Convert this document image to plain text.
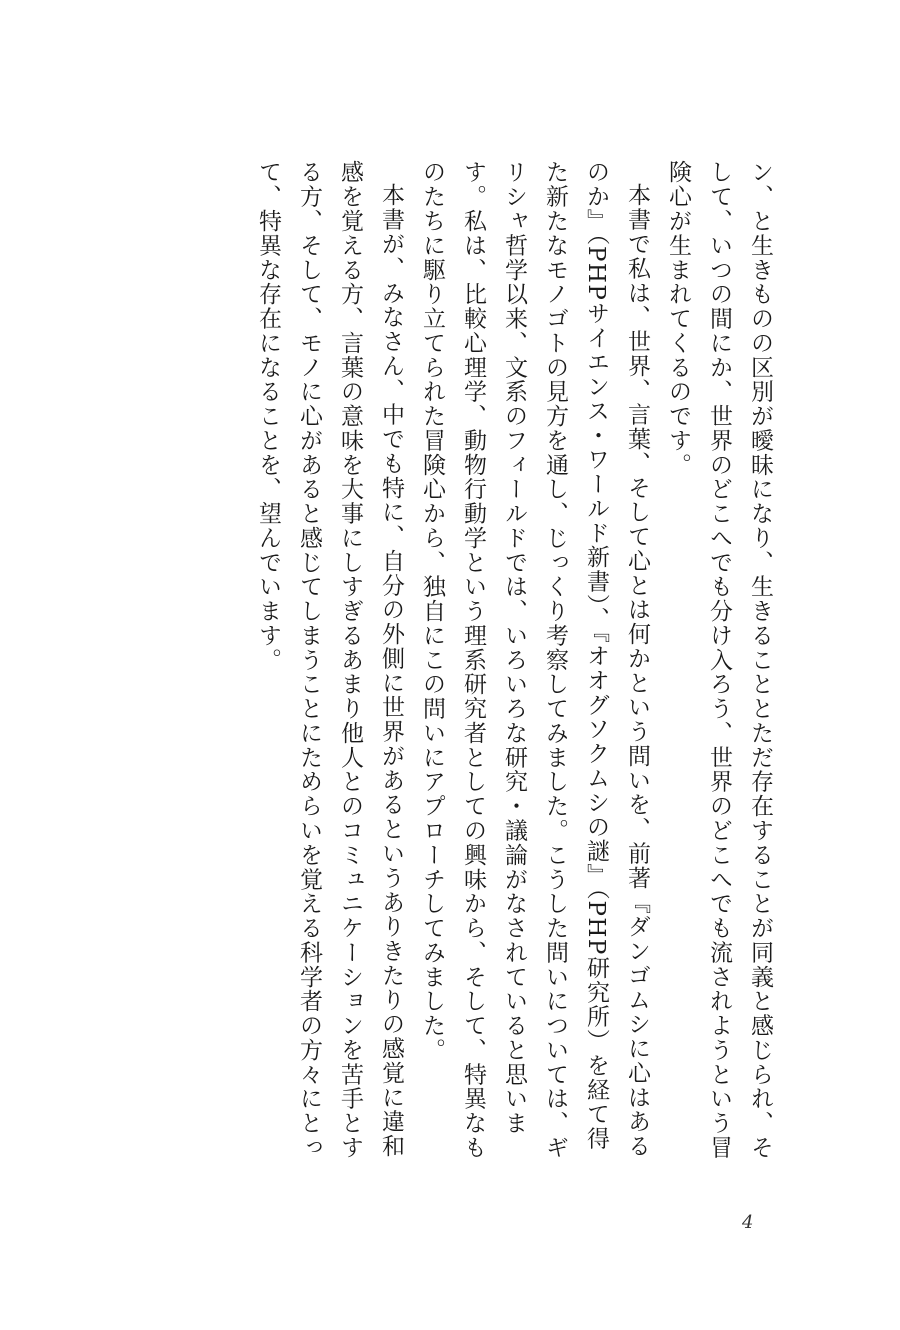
ン、と生きものの区別が曖昧になり、生きることとただ存在することが同義と感じられ、そして、いつの間にか、世界のどこへでも分け入ろう、世界のどこへでも流されようという冒険心が生まれてくるのです。

本書で私は、世界、言葉、そして心とは何かという問いを、前著『ダンゴムシに心はあるのか』（PHPサイエンス・ワールド新書）、『オオグソクムシの謎』（PHP研究所）を経て得た新たなモノゴトの見方を通し、じっくり考察してみました。こうした問いについては、ギリシャ哲学以来、文系のフィールドでは、いろいろな研究・議論がなされていると思います。私は、比較心理学、動物行動学という理系研究者としての興味から、そして、特異なものたちに駆り立てられた冒険心から、独自にこの問いにアプローチしてみました。

本書が、みなさん、中でも特に、自分の外側に世界があるというありきたりの感覚に違和感を覚える方、言葉の意味を大事にしすぎるあまり他人とのコミュニケーションを苦手とする方、そして、モノに心があると感じてしまうことにためらいを覚える科学者の方々にとって、特異な存在になることを、望んでいます。

4
